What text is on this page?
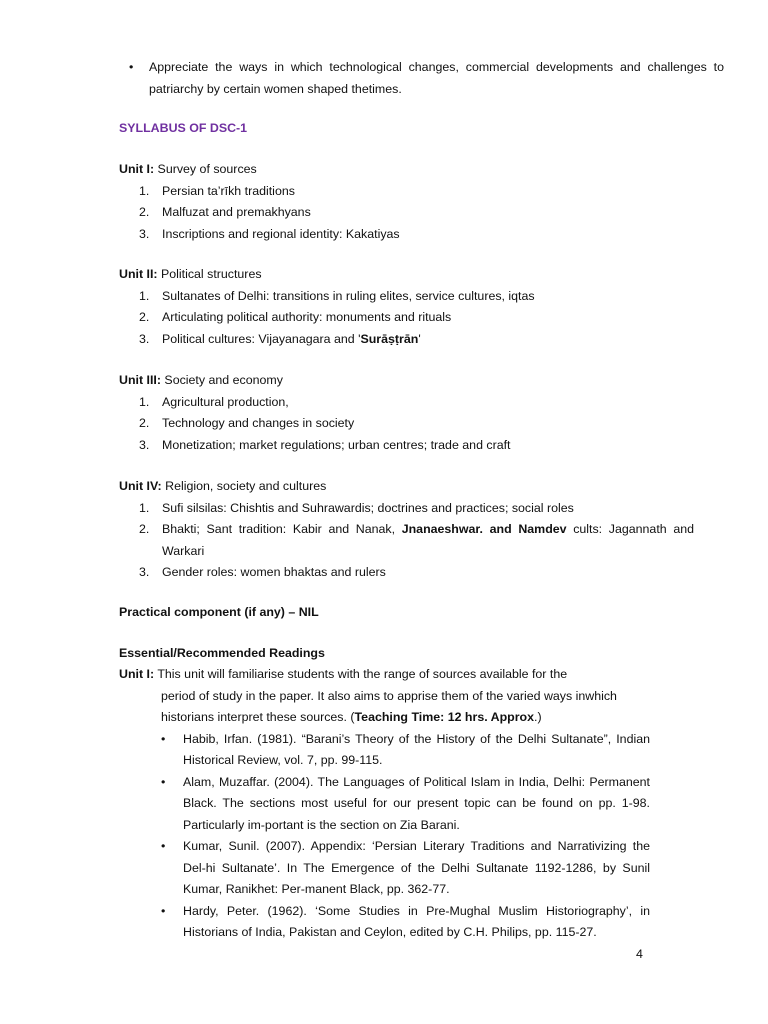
• Appreciate the ways in which technological changes, commercial developments and challenges to patriarchy by certain women shaped thetimes.
SYLLABUS OF DSC-1
Unit I: Survey of sources
1. Persian ta’rīkh traditions
2. Malfuzat and premakhyans
3. Inscriptions and regional identity: Kakatiyas
Unit II: Political structures
1. Sultanates of Delhi: transitions in ruling elites, service cultures, iqtas
2. Articulating political authority: monuments and rituals
3. Political cultures: Vijayanagara and 'Surāṣṭrān'
Unit III: Society and economy
1. Agricultural production,
2. Technology and changes in society
3. Monetization; market regulations; urban centres; trade and craft
Unit IV: Religion, society and cultures
1. Sufi silsilas: Chishtis and Suhrawardis; doctrines and practices; social roles
2. Bhakti; Sant tradition: Kabir and Nanak, Jnanaeshwar. and Namdev cults: Jagannath and Warkari
3. Gender roles: women bhaktas and rulers
Practical component (if any) – NIL
Essential/Recommended Readings
Unit I: This unit will familiarise students with the range of sources available for the
period of study in the paper. It also aims to apprise them of the varied ways inwhich historians interpret these sources. (Teaching Time: 12 hrs. Approx.)
• Habib, Irfan. (1981). “Barani’s Theory of the History of the Delhi Sultanate”, Indian Historical Review, vol. 7, pp. 99-115.
• Alam, Muzaffar. (2004). The Languages of Political Islam in India, Delhi: Permanent Black. The sections most useful for our present topic can be found on pp. 1-98. Particularly im-portant is the section on Zia Barani.
• Kumar, Sunil. (2007). Appendix: ‘Persian Literary Traditions and Narrativizing the Del-hi Sultanate’. In The Emergence of the Delhi Sultanate 1192-1286, by Sunil Kumar, Ranikhet: Per-manent Black, pp. 362-77.
• Hardy, Peter. (1962). ‘Some Studies in Pre-Mughal Muslim Historiography’, in Historians of India, Pakistan and Ceylon, edited by C.H. Philips, pp. 115-27.
4
